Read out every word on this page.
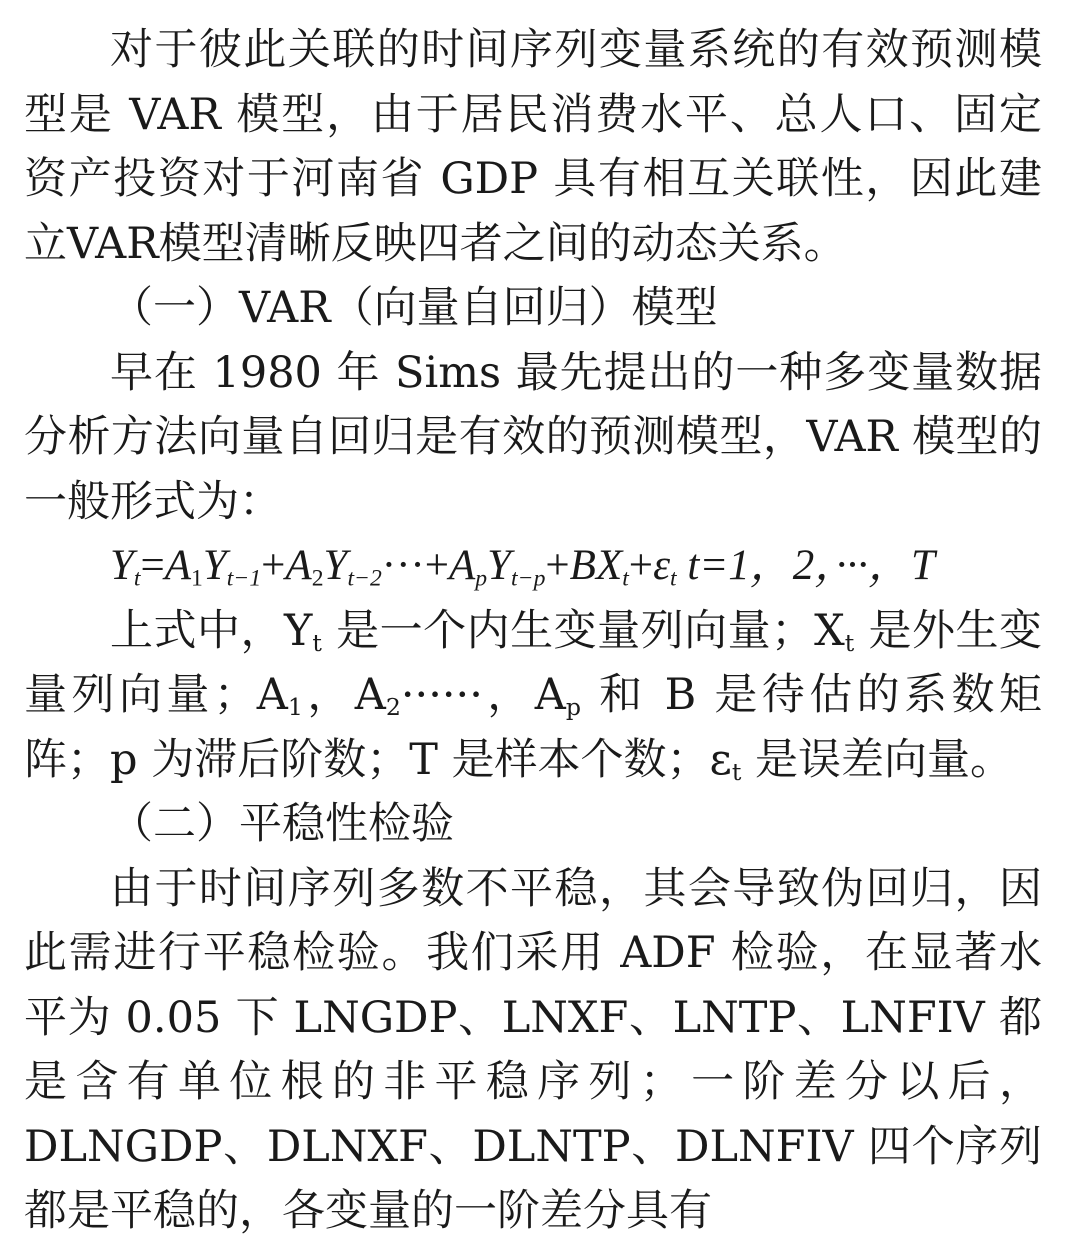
对于彼此关联的时间序列变量系统的有效预测模型是 VAR 模型，由于居民消费水平、总人口、固定资产投资对于河南省 GDP 具有相互关联性，因此建立VAR模型清晰反映四者之间的动态关系。

（一）VAR（向量自回归）模型

早在 1980 年 Sims 最先提出的一种多变量数据分析方法向量自回归是有效的预测模型，VAR 模型的一般形式为：

$Y_t=A_1Y_{t-1}+A_2Y_{t-2}\cdot\cdot\cdot+A_pY_{t-p}+BX_t+\varepsilon_t$ t=1，2，···，T

上式中，Yt 是一个内生变量列向量；Xt 是外生变量列向量；A1，A2······，Ap 和 B 是待估的系数矩阵；p 为滞后阶数；T 是样本个数；εt 是误差向量。

（二）平稳性检验

由于时间序列多数不平稳，其会导致伪回归，因此需进行平稳检验。我们采用 ADF 检验，在显著水平为 0.05 下 LNGDP、LNXF、LNTP、LNFIV 都是含有单位根的非平稳序列；一阶差分以后，DLNGDP、DLNXF、DLNTP、DLNFIV 四个序列都是平稳的，各变量的一阶差分具有
